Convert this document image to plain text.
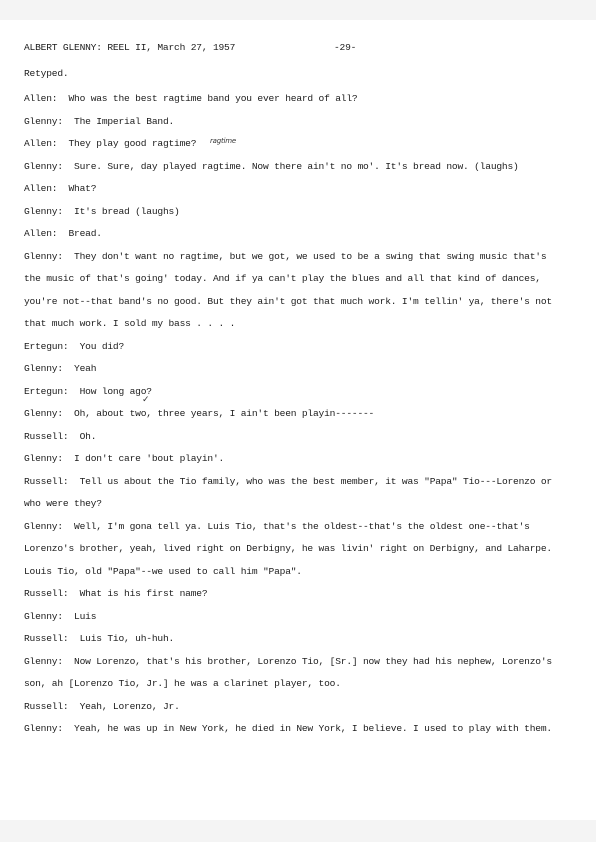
ALBERT GLENNY: REEL II, March 27, 1957	-29-
Retyped.
ragtime
✓
Allen: Who was the best ragtime band you ever heard of all?
Glenny: The Imperial Band.
Allen: They play good ragtime?
Glenny: Sure. Sure, day played ragtime. Now there ain't no mo'. It's bread now. (laughs)
Allen: What?
Glenny: It's bread (laughs)
Allen: Bread.
Glenny: They don't want no ragtime, but we got, we used to be a swing that swing music that's the music of that's going' today. And if ya can't play the blues and all that kind of dances, you're not--that band's no good. But they ain't got that much work. I'm tellin' ya, there's not that much work. I sold my bass . . . .
Ertegun: You did?
Glenny: Yeah
Ertegun: How long ago?
Glenny: Oh, about two, three years, I ain't been playin-------
Russell: Oh.
Glenny: I don't care 'bout playin'.
Russell: Tell us about the Tio family, who was the best member, it was "Papa" Tio---Lorenzo or who were they?
Glenny: Well, I'm gona tell ya. Luis Tio, that's the oldest--that's the oldest one--that's Lorenzo's brother, yeah, lived right on Derbigny, he was livin' right on Derbigny, and Laharpe. Louis Tio, old "Papa"--we used to call him "Papa".
Russell: What is his first name?
Glenny: Luis
Russell: Luis Tio, uh-huh.
Glenny: Now Lorenzo, that's his brother, Lorenzo Tio, [Sr.] now they had his nephew, Lorenzo's son, ah [Lorenzo Tio, Jr.] he was a clarinet player, too.
Russell: Yeah, Lorenzo, Jr.
Glenny: Yeah, he was up in New York, he died in New York, I believe. I used to play with them.
